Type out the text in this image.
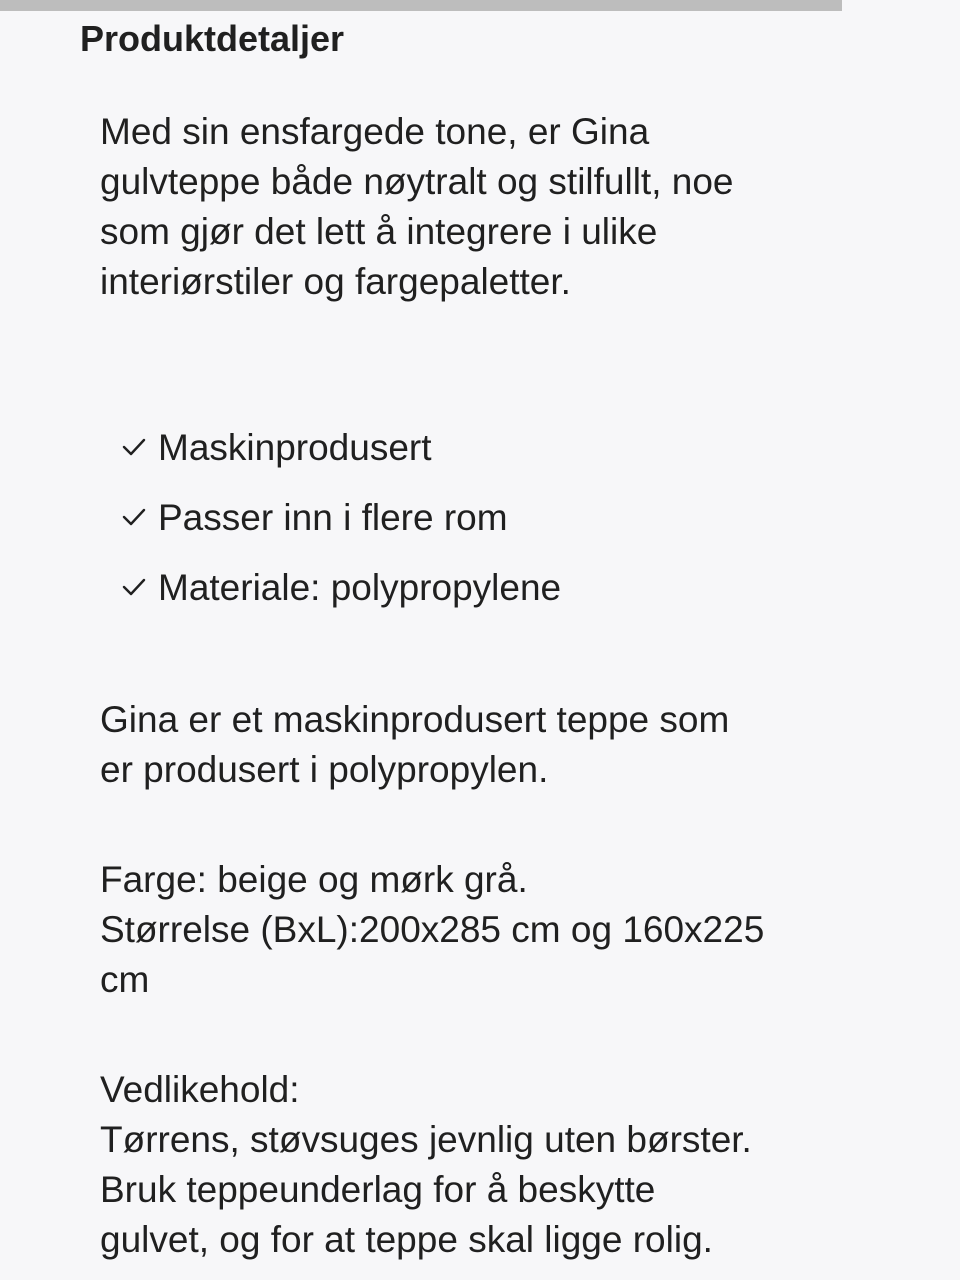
Produktdetaljer

Med sin ensfargede tone, er Gina
gulvteppe både nøytralt og stilfullt, noe
som gjør det lett å integrere i ulike
interiørstiler og fargepaletter.

Maskinprodusert
Passer inn i flere rom
Materiale: polypropylene

Gina er et maskinprodusert teppe som
er produsert i polypropylen.

Farge: beige og mørk grå.
Størrelse (BxL):200x285 cm og 160x225
cm

Vedlikehold:
Tørrens, støvsuges jevnlig uten børster.
Bruk teppeunderlag for å beskytte
gulvet, og for at teppe skal ligge rolig.
